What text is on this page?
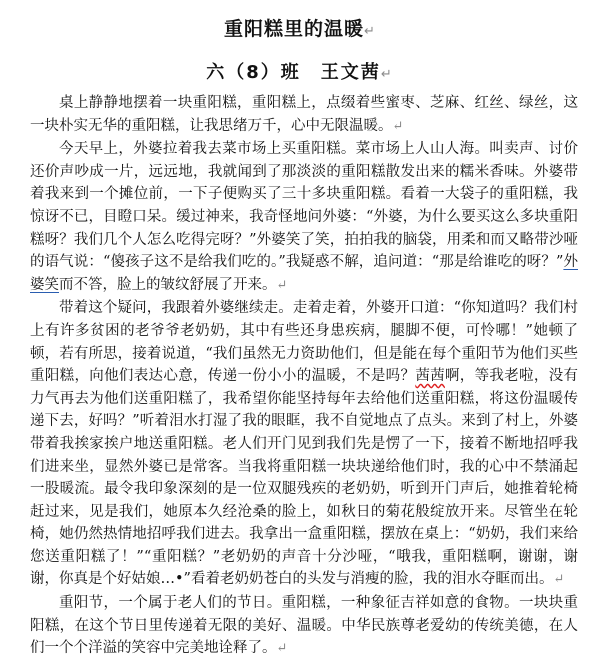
重阳糕里的温暖↵
六（8）班　王文茜↵

桌上静静地摆着一块重阳糕，重阳糕上，点缀着些蜜枣、芝麻、红丝、绿丝，这一块朴实无华的重阳糕，让我思绪万千，心中无限温暖。↵

今天早上，外婆拉着我去菜市场上买重阳糕。菜市场上人山人海。叫卖声、讨价还价声吵成一片，远远地，我就闻到了那淡淡的重阳糕散发出来的糯米香味。外婆带着我来到一个摊位前，一下子便购买了三十多块重阳糕。看着一大袋子的重阳糕，我惊讶不已，目瞪口呆。缓过神来，我奇怪地问外婆：“外婆，为什么要买这么多块重阳糕呀？我们几个人怎么吃得完呀？”外婆笑了笑，拍拍我的脑袋，用柔和而又略带沙哑的语气说：“傻孩子这不是给我们吃的。”我疑惑不解，追问道：“那是给谁吃的呀？”外婆笑而不答，脸上的皱纹舒展了开来。↵

带着这个疑问，我跟着外婆继续走。走着走着，外婆开口道：“你知道吗？我们村上有许多贫困的老爷爷老奶奶，其中有些还身患疾病，腿脚不便，可怜哪！”她顿了顿，若有所思，接着说道，“我们虽然无力资助他们，但是能在每个重阳节为他们买些重阳糕，向他们表达心意，传递一份小小的温暖，不是吗？茜茜啊，等我老啦，没有力气再去为他们送重阳糕了，我希望你能坚持每年去给他们送重阳糕，将这份温暖传递下去，好吗？”听着泪水打湿了我的眼眶，我不自觉地点了点头。来到了村上，外婆带着我挨家挨户地送重阳糕。老人们开门见到我们先是愣了一下，接着不断地招呼我们进来坐，显然外婆已是常客。当我将重阳糕一块块递给他们时，我的心中不禁涌起一股暖流。最令我印象深刻的是一位双腿残疾的老奶奶，听到开门声后，她推着轮椅赶过来，见是我们，她原本久经沧桑的脸上，如秋日的菊花般绽放开来。尽管坐在轮椅，她仍然热情地招呼我们进去。我拿出一盒重阳糕，摆放在桌上：“奶奶，我们来给您送重阳糕了！”“重阳糕？”老奶奶的声音十分沙哑，“哦我，重阳糕啊，谢谢，谢谢，你真是个好姑娘…•”看着老奶奶苍白的头发与消瘦的脸，我的泪水夺眶而出。↵

重阳节，一个属于老人们的节日。重阳糕，一种象征吉祥如意的食物。一块块重阳糕，在这个节日里传递着无限的美好、温暖。中华民族尊老爱幼的传统美德，在人们一个个洋溢的笑容中完美地诠释了。↵
